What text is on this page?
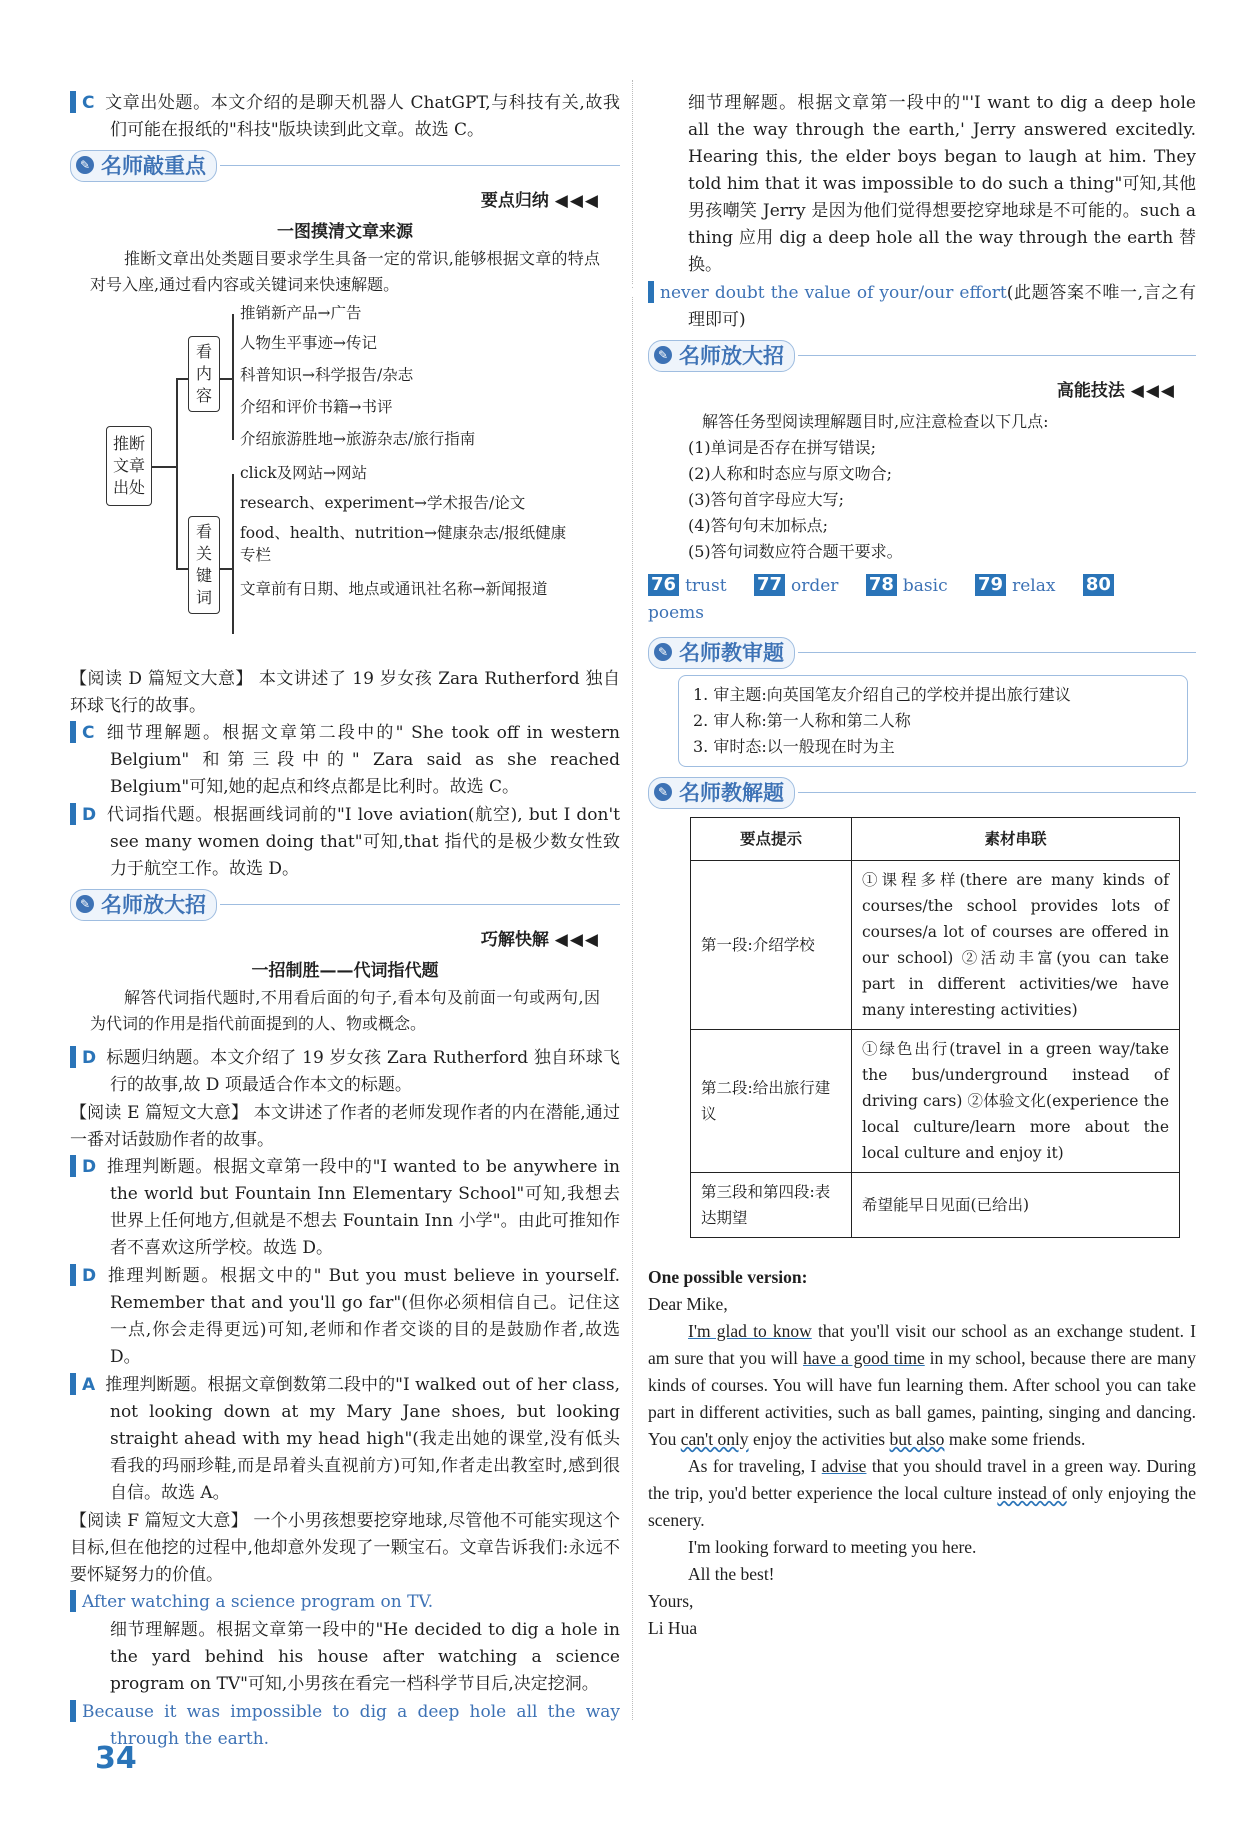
66 C 文章出处题。本文介绍的是聊天机器人 ChatGPT,与科技有关,故我们可能在报纸的"科技"版块读到此文章。故选 C。

✎ 名师敲重点
要点归纳 ◀◀◀

一图摸清文章来源

推断文章出处类题目要求学生具备一定的常识,能够根据文章的特点对号入座,通过看内容或关键词来快速解题。

推断文章出处
看内容
看关键词
推销新产品→广告
人物生平事迹→传记
科普知识→科学报告/杂志
介绍和评价书籍→书评
介绍旅游胜地→旅游杂志/旅行指南
click及网站→网站
research、experiment→学术报告/论文
food、health、nutrition→健康杂志/报纸健康专栏
文章前有日期、地点或通讯社名称→新闻报道

【阅读 D 篇短文大意】 本文讲述了 19 岁女孩 Zara Rutherford 独自环球飞行的故事。

67 C 细节理解题。根据文章第二段中的" She took off in western Belgium" 和第三段中的" Zara said as she reached Belgium"可知,她的起点和终点都是比利时。故选 C。

68 D 代词指代题。根据画线词前的"I love aviation(航空), but I don't see many women doing that"可知,that 指代的是极少数女性致力于航空工作。故选 D。

✎ 名师放大招
巧解快解 ◀◀◀

一招制胜——代词指代题

解答代词指代题时,不用看后面的句子,看本句及前面一句或两句,因为代词的作用是指代前面提到的人、物或概念。

69 D 标题归纳题。本文介绍了 19 岁女孩 Zara Rutherford 独自环球飞行的故事,故 D 项最适合作本文的标题。

【阅读 E 篇短文大意】 本文讲述了作者的老师发现作者的内在潜能,通过一番对话鼓励作者的故事。

70 D 推理判断题。根据文章第一段中的"I wanted to be anywhere in the world but Fountain Inn Elementary School"可知,我想去世界上任何地方,但就是不想去 Fountain Inn 小学"。由此可推知作者不喜欢这所学校。故选 D。

71 D 推理判断题。根据文中的" But you must believe in yourself. Remember that and you'll go far"(但你必须相信自己。记住这一点,你会走得更远)可知,老师和作者交谈的目的是鼓励作者,故选 D。

72 A 推理判断题。根据文章倒数第二段中的"I walked out of her class, not looking down at my Mary Jane shoes, but looking straight ahead with my head high"(我走出她的课堂,没有低头看我的玛丽珍鞋,而是昂着头直视前方)可知,作者走出教室时,感到很自信。故选 A。

【阅读 F 篇短文大意】 一个小男孩想要挖穿地球,尽管他不可能实现这个目标,但在他挖的过程中,他却意外发现了一颗宝石。文章告诉我们:永远不要怀疑努力的价值。

73 After watching a science program on TV.

细节理解题。根据文章第一段中的"He decided to dig a hole in the yard behind his house after watching a science program on TV"可知,小男孩在看完一档科学节目后,决定挖洞。

74 Because it was impossible to dig a deep hole all the way through the earth.

细节理解题。根据文章第一段中的"'I want to dig a deep hole all the way through the earth,' Jerry answered excitedly. Hearing this, the elder boys began to laugh at him. They told him that it was impossible to do such a thing"可知,其他男孩嘲笑 Jerry 是因为他们觉得想要挖穿地球是不可能的。such a thing 应用 dig a deep hole all the way through the earth 替换。

75 never doubt the value of your/our effort(此题答案不唯一,言之有理即可)

✎ 名师放大招
高能技法 ◀◀◀

解答任务型阅读理解题目时,应注意检查以下几点:

(1)单词是否存在拼写错误;
(2)人称和时态应与原文吻合;
(3)答句首字母应大写;
(4)答句句末加标点;
(5)答句词数应符合题干要求。
76 trust 77 order 78 basic 79 relax 80poems
✎ 名师教审题
1. 审主题:向英国笔友介绍自己的学校并提出旅行建议
2. 审人称:第一人称和第二人称
3. 审时态:以一般现在时为主
✎ 名师教解题
要点提示	素材串联
第一段:介绍学校	①课程多样(there are many kinds of courses/the school provides lots of courses/a lot of courses are offered in our school) ②活动丰富(you can take part in different activities/we have many interesting activities)
第二段:给出旅行建议	①绿色出行(travel in a green way/take the bus/underground instead of driving cars) ②体验文化(experience the local culture/learn more about the local culture and enjoy it)
第三段和第四段:表达期望	希望能早日见面(已给出)

One possible version:

Dear Mike,

I'm glad to know that you'll visit our school as an exchange student. I am sure that you will have a good time in my school, because there are many kinds of courses. You will have fun learning them. After school you can take part in different activities, such as ball games, painting, singing and dancing. You can't only enjoy the activities but also make some friends.

As for traveling, I advise that you should travel in a green way. During the trip, you'd better experience the local culture instead of only enjoying the scenery.

I'm looking forward to meeting you here.

All the best!

Yours,

Li Hua

34
